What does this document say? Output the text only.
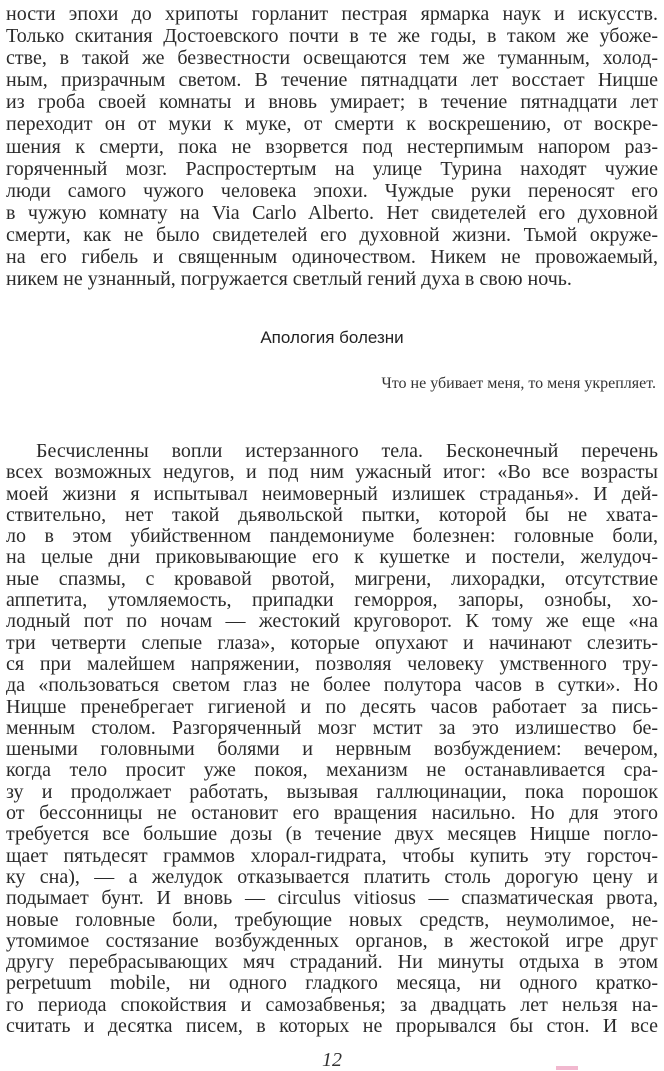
ности эпохи до хрипоты горланит пестрая ярмарка наук и искусств.
Только скитания Достоевского почти в те же годы, в таком же убоже-
стве, в такой же безвестности освещаются тем же туманным, холод-
ным, призрачным светом. В течение пятнадцати лет восстает Ницше
из гроба своей комнаты и вновь умирает; в течение пятнадцати лет
переходит он от муки к муке, от смерти к воскрешению, от воскре-
шения к смерти, пока не взорвется под нестерпимым напором раз-
горяченный мозг. Распростертым на улице Турина находят чужие
люди самого чужого человека эпохи. Чуждые руки переносят его
в чужую комнату на Via Carlo Alberto. Нет свидетелей его духовной
смерти, как не было свидетелей его духовной жизни. Тьмой окруже-
на его гибель и священным одиночеством. Никем не провожаемый,
никем не узнанный, погружается светлый гений духа в свою ночь.
Апология болезни
Что не убивает меня, то меня укрепляет.
Бесчисленны вопли истерзанного тела. Бесконечный перечень
всех возможных недугов, и под ним ужасный итог: «Во все возрасты
моей жизни я испытывал неимоверный излишек страданья». И дей-
ствительно, нет такой дьявольской пытки, которой бы не хвата-
ло в этом убийственном пандемониуме болезнен: головные боли,
на целые дни приковывающие его к кушетке и постели, желудоч-
ные спазмы, с кровавой рвотой, мигрени, лихорадки, отсутствие
аппетита, утомляемость, припадки геморроя, запоры, ознобы, хо-
лодный пот по ночам — жестокий круговорот. К тому же еще «на
три четверти слепые глаза», которые опухают и начинают слезить-
ся при малейшем напряжении, позволяя человеку умственного тру-
да «пользоваться светом глаз не более полутора часов в сутки». Но
Ницше пренебрегает гигиеной и по десять часов работает за пись-
менным столом. Разгоряченный мозг мстит за это излишество бе-
шеными головными болями и нервным возбуждением: вечером,
когда тело просит уже покоя, механизм не останавливается сра-
зу и продолжает работать, вызывая галлюцинации, пока порошок
от бессонницы не остановит его вращения насильно. Но для этого
требуется все большие дозы (в течение двух месяцев Ницше погло-
щает пятьдесят граммов хлорал-гидрата, чтобы купить эту горсточ-
ку сна), — а желудок отказывается платить столь дорогую цену и
подымает бунт. И вновь — circulus vitiosus — спазматическая рвота,
новые головные боли, требующие новых средств, неумолимое, не-
утомимое состязание возбужденных органов, в жестокой игре друг
другу перебрасывающих мяч страданий. Ни минуты отдыха в этом
perpetuum mobile, ни одного гладкого месяца, ни одного кратко-
го периода спокойствия и самозабвенья; за двадцать лет нельзя на-
считать и десятка писем, в которых не прорывался бы стон. И все
12
